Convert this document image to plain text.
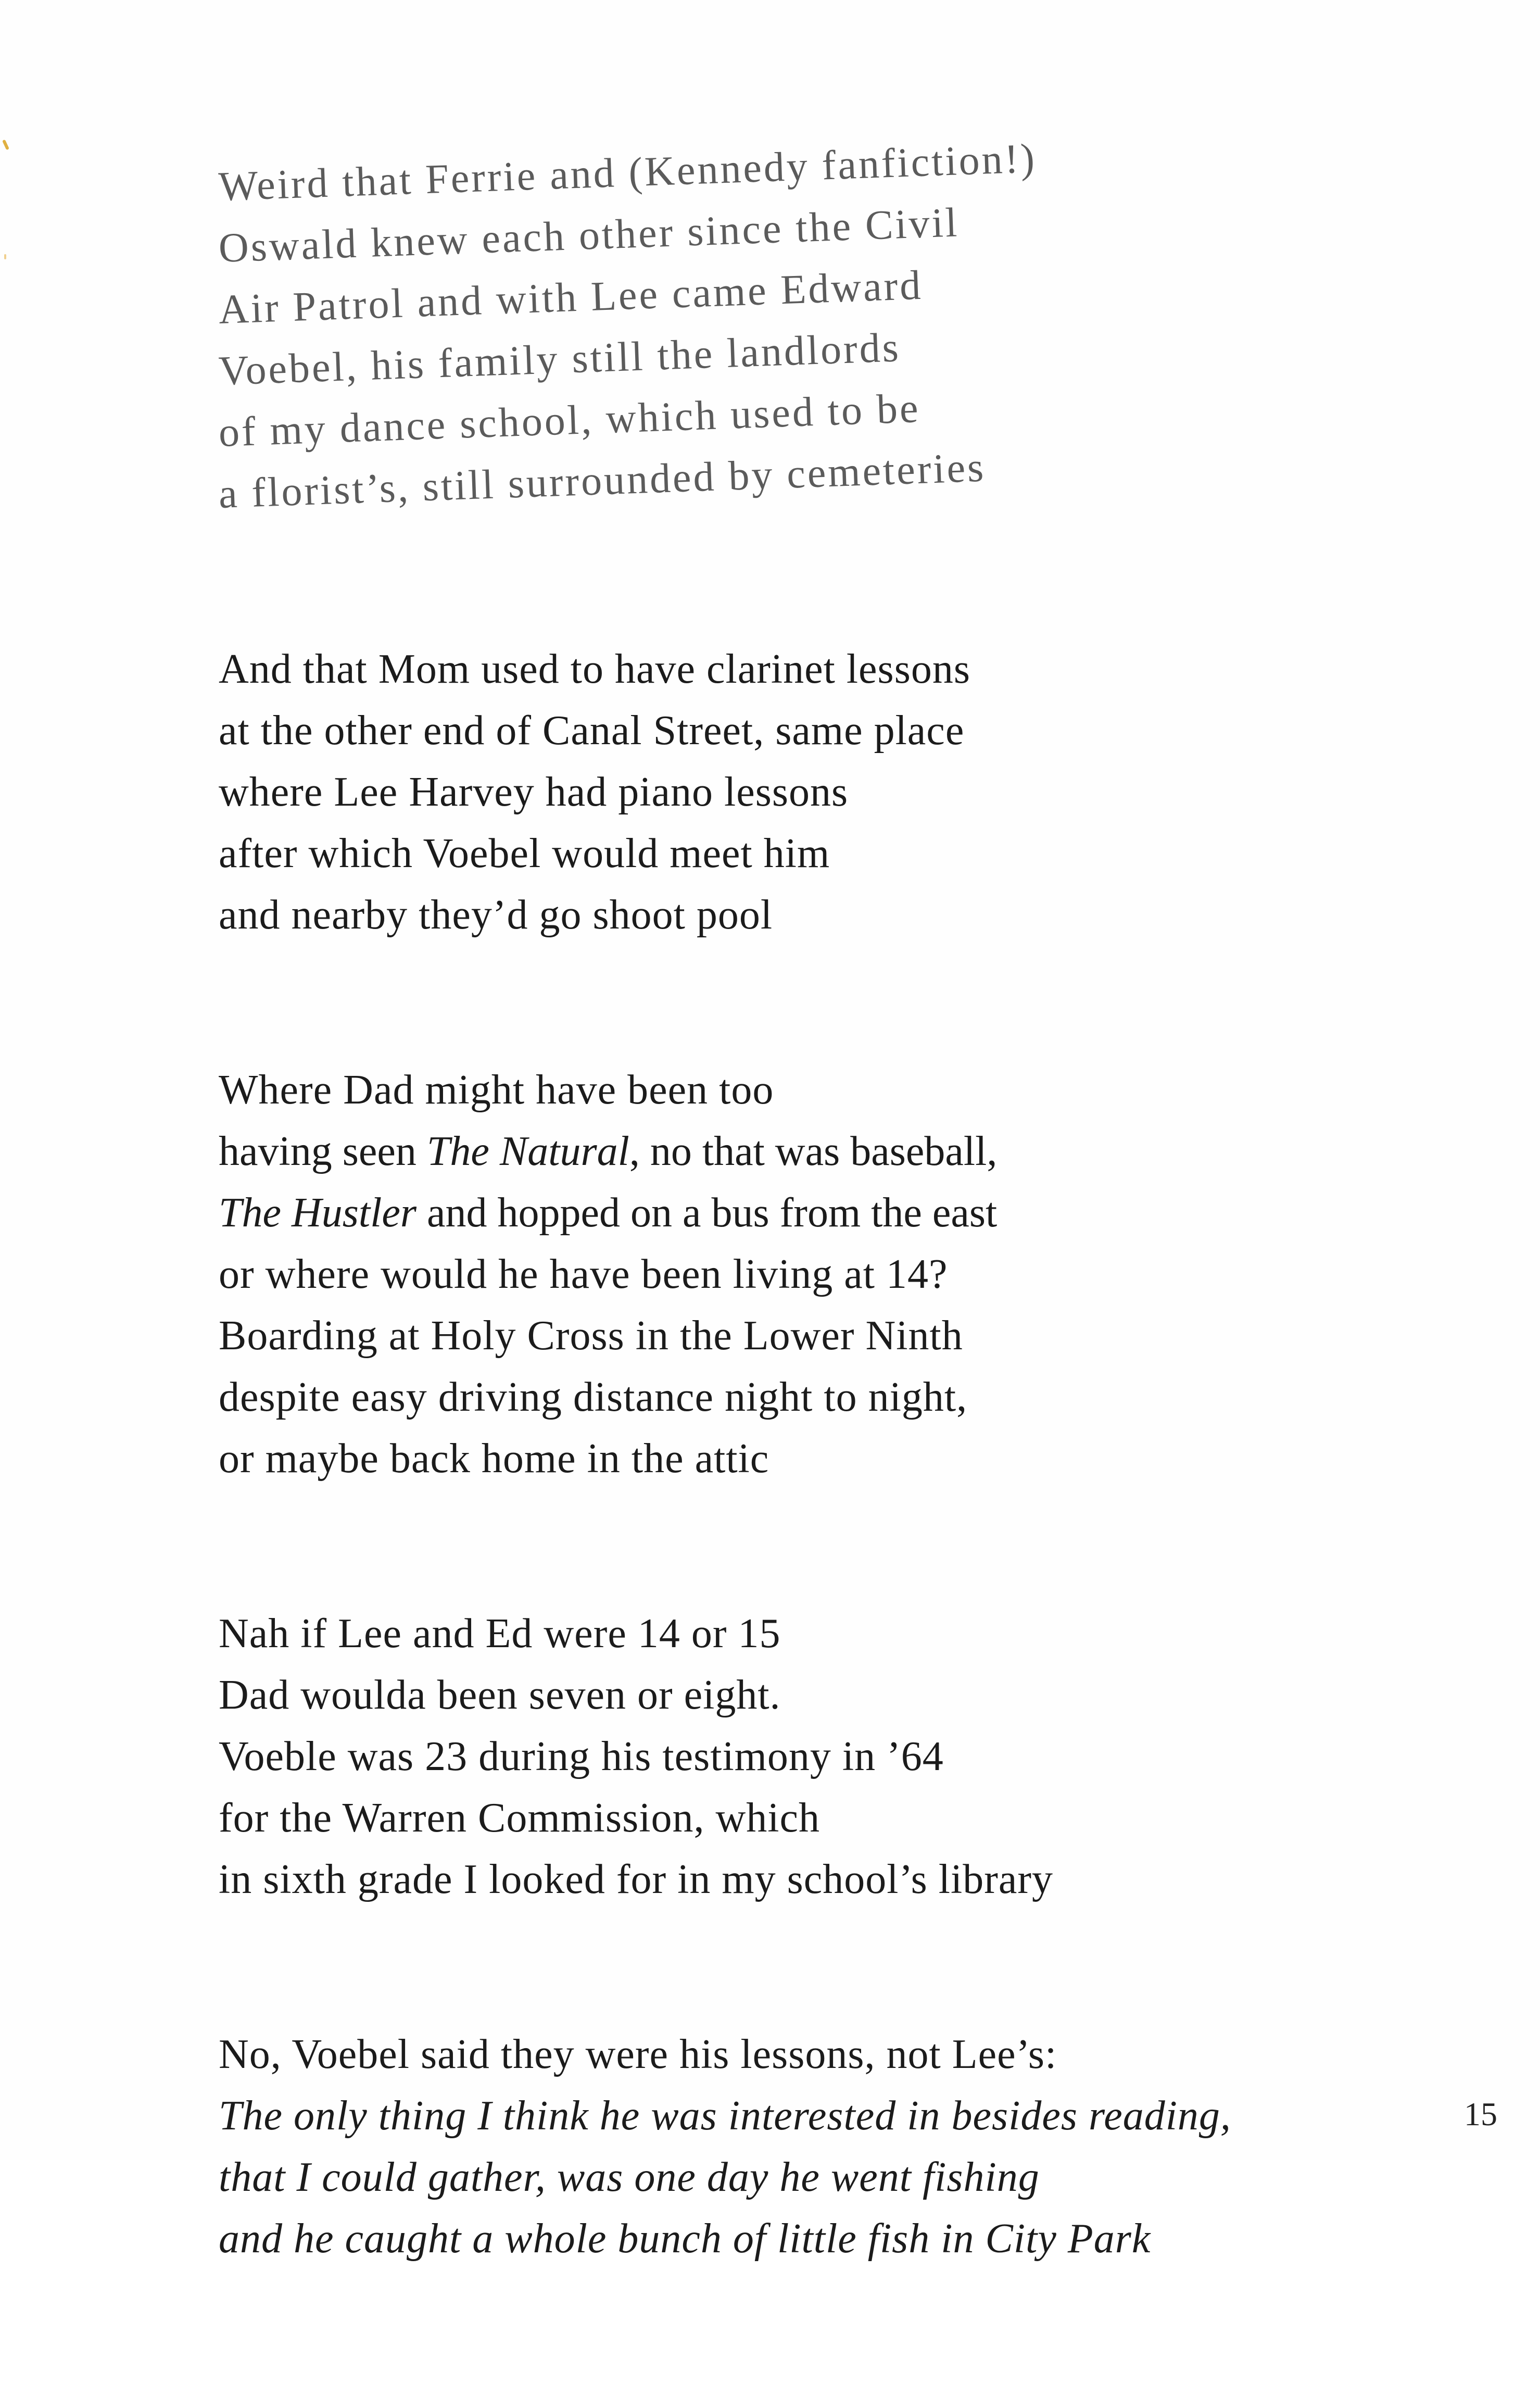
Weird that Ferrie and (Kennedy fanfiction!)
Oswald knew each other since the Civil
Air Patrol and with Lee came Edward
Voebel, his family still the landlords
of my dance school, which used to be
a florist’s, still surrounded by cemeteries
And that Mom used to have clarinet lessons
at the other end of Canal Street, same place
where Lee Harvey had piano lessons
after which Voebel would meet him
and nearby they’d go shoot pool
Where Dad might have been too
having seen The Natural, no that was baseball,
The Hustler and hopped on a bus from the east
or where would he have been living at 14?
Boarding at Holy Cross in the Lower Ninth
despite easy driving distance night to night,
or maybe back home in the attic
Nah if Lee and Ed were 14 or 15
Dad woulda been seven or eight.
Voeble was 23 during his testimony in ’64
for the Warren Commission, which
in sixth grade I looked for in my school’s library
No, Voebel said they were his lessons, not Lee’s:
The only thing I think he was interested in besides reading,
that I could gather, was one day he went fishing
and he caught a whole bunch of little fish in City Park
15
